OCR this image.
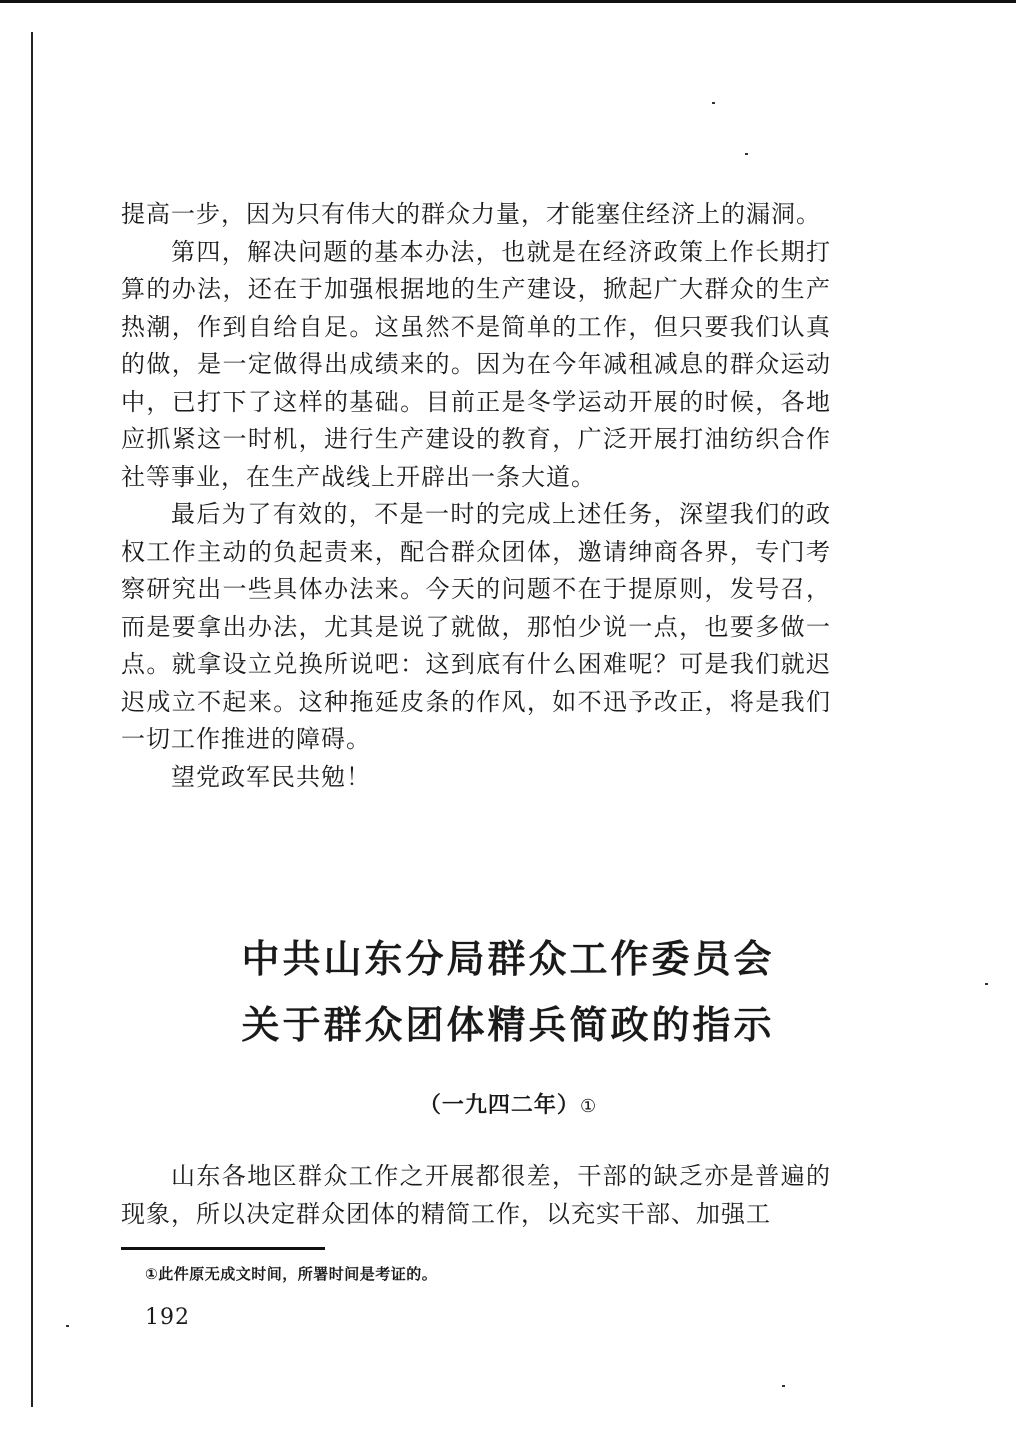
提高一步，因为只有伟大的群众力量，才能塞住经济上的漏洞。

第四，解决问题的基本办法，也就是在经济政策上作长期打算的办法，还在于加强根据地的生产建设，掀起广大群众的生产热潮，作到自给自足。这虽然不是简单的工作，但只要我们认真的做，是一定做得出成绩来的。因为在今年减租减息的群众运动中，已打下了这样的基础。目前正是冬学运动开展的时候，各地应抓紧这一时机，进行生产建设的教育，广泛开展打油纺织合作社等事业，在生产战线上开辟出一条大道。

最后为了有效的，不是一时的完成上述任务，深望我们的政权工作主动的负起责来，配合群众团体，邀请绅商各界，专门考察研究出一些具体办法来。今天的问题不在于提原则，发号召，而是要拿出办法，尤其是说了就做，那怕少说一点，也要多做一点。就拿设立兑换所说吧：这到底有什么困难呢？可是我们就迟迟成立不起来。这种拖延皮条的作风，如不迅予改正，将是我们一切工作推进的障碍。

望党政军民共勉！

中共山东分局群众工作委员会
关于群众团体精兵简政的指示
（一九四二年）①

山东各地区群众工作之开展都很差，干部的缺乏亦是普遍的现象，所以决定群众团体的精简工作，以充实干部、加强工

①此件原无成文时间，所署时间是考证的。
192
